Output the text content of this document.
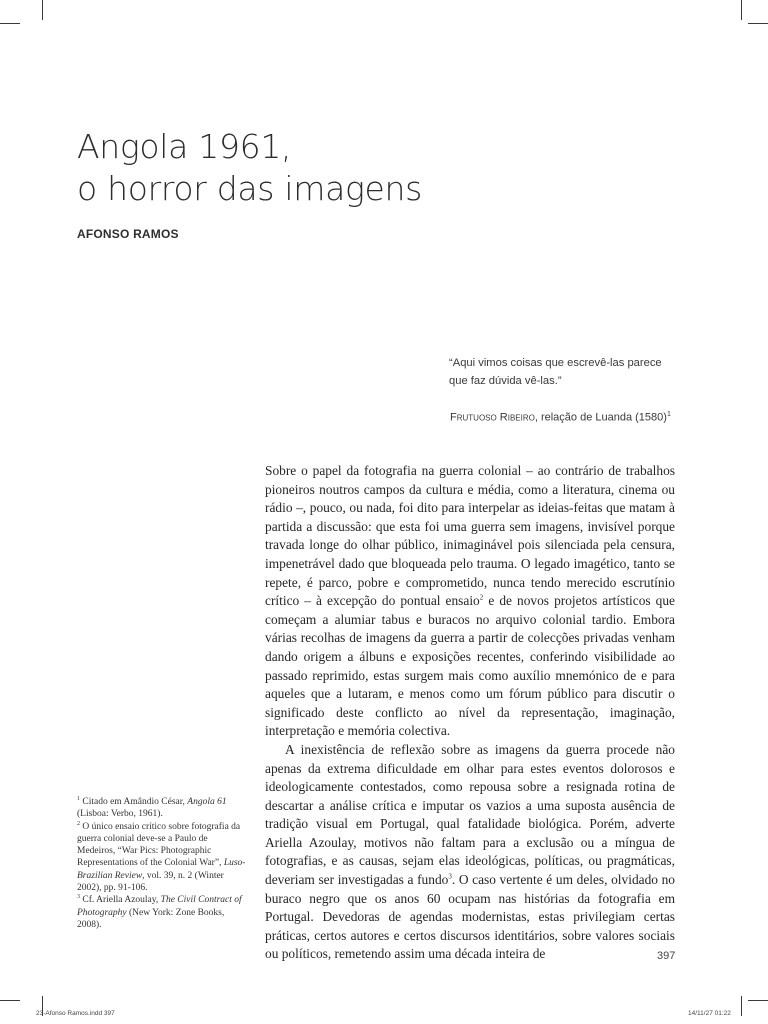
Angola 1961,
o horror das imagens
AFONSO RAMOS
“Aqui vimos coisas que escrevê-las parece que faz dúvida vê-las.”
Frutuoso Ribeiro, relação de Luanda $(1580)^1$

Sobre o papel da fotografia na guerra colonial – ao contrário de trabalhos pioneiros noutros campos da cultura e média, como a literatura, cinema ou rádio –, pouco, ou nada, foi dito para interpelar as ideias-feitas que matam à partida a discussão: que esta foi uma guerra sem imagens, invisível porque travada longe do olhar público, inimaginável pois silenciada pela censura, impenetrável dado que bloqueada pelo trauma. O legado imagético, tanto se repete, é parco, pobre e comprometido, nunca tendo merecido escrutínio crítico – à excepção do pontual ensaio$^2$ e de novos projetos artísticos que começam a alumiar tabus e buracos no arquivo colonial tardio. Embora várias recolhas de imagens da guerra a partir de colecções privadas venham dando origem a álbuns e exposições recentes, conferindo visibilidade ao passado reprimido, estas surgem mais como auxílio mnemónico de e para aqueles que a lutaram, e menos como um fórum público para discutir o significado deste conflicto ao nível da representação, imaginação, interpretação e memória colectiva.

A inexistência de reflexão sobre as imagens da guerra procede não apenas da extrema dificuldade em olhar para estes eventos dolorosos e ideologicamente contestados, como repousa sobre a resignada rotina de descartar a análise crítica e imputar os vazios a uma suposta ausência de tradição visual em Portugal, qual fatalidade biológica. Porém, adverte Ariella Azoulay, motivos não faltam para a exclusão ou a míngua de fotografias, e as causas, sejam elas ideológicas, políticas, ou pragmáticas, deveriam ser investigadas a fundo$^3$. O caso vertente é um deles, olvidado no buraco negro que os anos 60 ocupam nas histórias da fotografia em Portugal. Devedoras de agendas modernistas, estas privilegiam certas práticas, certos autores e certos discursos identitários, sobre valores sociais ou políticos, remetendo assim uma década inteira de

$^1$ Citado em Amândio César, Angola 61 (Lisboa: Verbo, 1961).

$^2$ O único ensaio crítico sobre fotografia da guerra colonial deve-se a Paulo de Medeiros, “War Pics: Photographic Representations of the Colonial War”, Luso-Brazilian Review, vol. 39, n. 2 (Winter 2002), pp. 91-106.

$^3$ Cf. Ariella Azoulay, The Civil Contract of Photography (New York: Zone Books, 2008).

397
23-Afonso Ramos.indd 397	14/11/27 01:22
